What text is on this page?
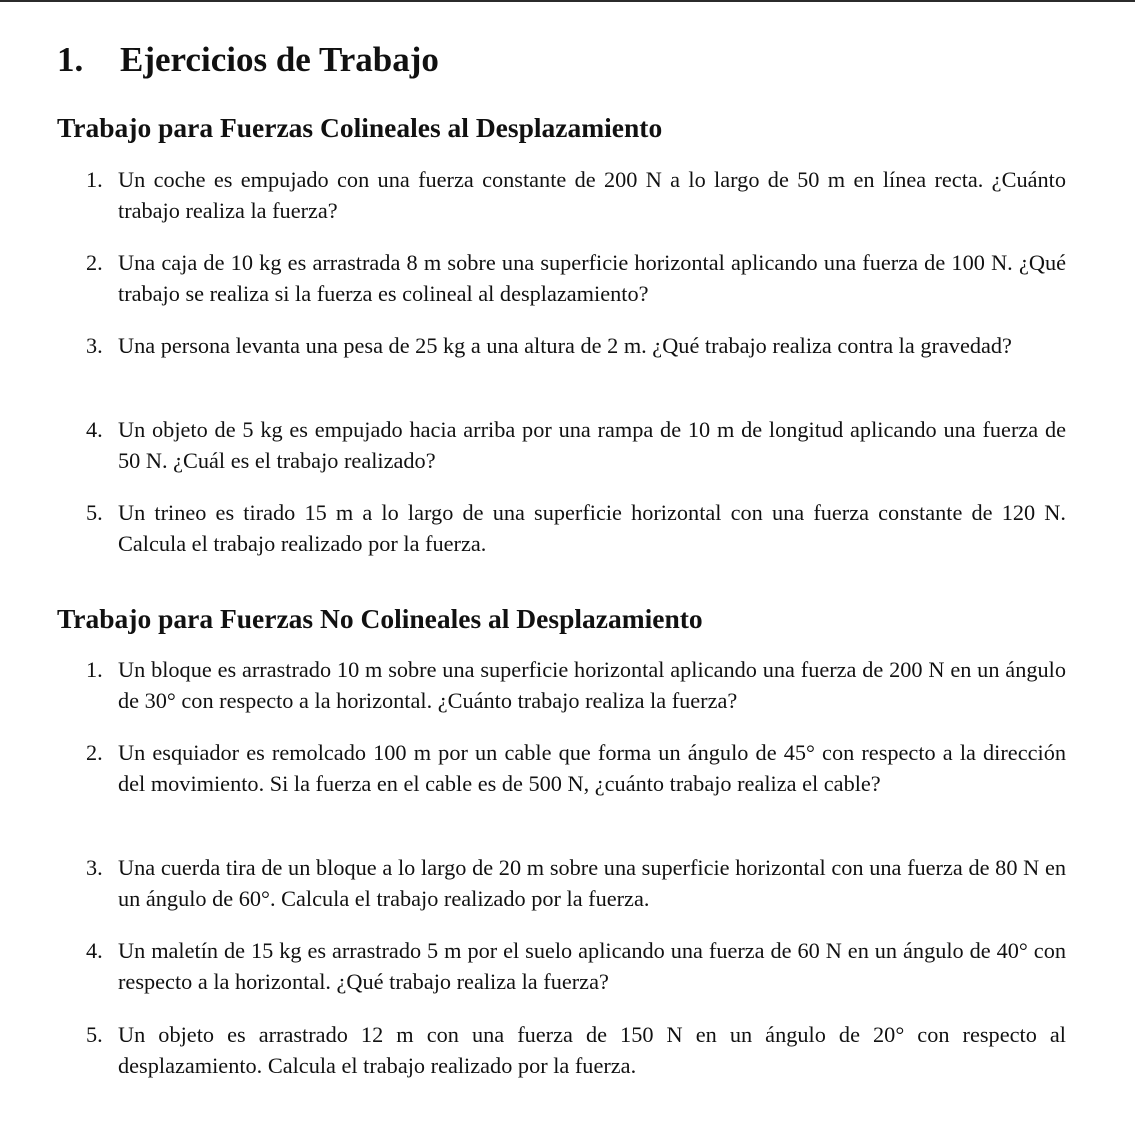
1. Ejercicios de Trabajo
Trabajo para Fuerzas Colineales al Desplazamiento
1. Un coche es empujado con una fuerza constante de 200 N a lo largo de 50 m en línea recta. ¿Cuánto trabajo realiza la fuerza?
2. Una caja de 10 kg es arrastrada 8 m sobre una superficie horizontal aplicando una fuerza de 100 N. ¿Qué trabajo se realiza si la fuerza es colineal al desplazamiento?
3. Una persona levanta una pesa de 25 kg a una altura de 2 m. ¿Qué trabajo realiza contra la gravedad?
4. Un objeto de 5 kg es empujado hacia arriba por una rampa de 10 m de longitud aplicando una fuerza de 50 N. ¿Cuál es el trabajo realizado?
5. Un trineo es tirado 15 m a lo largo de una superficie horizontal con una fuerza constante de 120 N. Calcula el trabajo realizado por la fuerza.
Trabajo para Fuerzas No Colineales al Desplazamiento
1. Un bloque es arrastrado 10 m sobre una superficie horizontal aplicando una fuerza de 200 N en un ángulo de 30° con respecto a la horizontal. ¿Cuánto trabajo realiza la fuerza?
2. Un esquiador es remolcado 100 m por un cable que forma un ángulo de 45° con respecto a la dirección del movimiento. Si la fuerza en el cable es de 500 N, ¿cuánto trabajo realiza el cable?
3. Una cuerda tira de un bloque a lo largo de 20 m sobre una superficie horizontal con una fuerza de 80 N en un ángulo de 60°. Calcula el trabajo realizado por la fuerza.
4. Un maletín de 15 kg es arrastrado 5 m por el suelo aplicando una fuerza de 60 N en un ángulo de 40° con respecto a la horizontal. ¿Qué trabajo realiza la fuerza?
5. Un objeto es arrastrado 12 m con una fuerza de 150 N en un ángulo de 20° con respecto al desplazamiento. Calcula el trabajo realizado por la fuerza.
